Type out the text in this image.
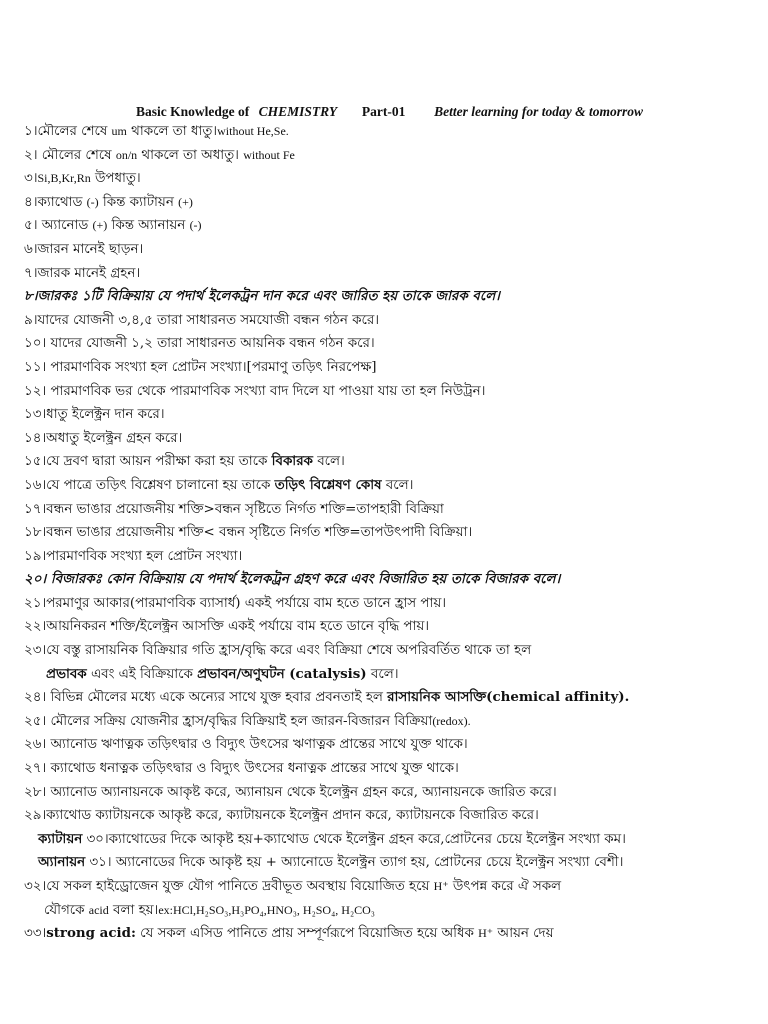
Basic Knowledge of CHEMISTRY Part-01 Better learning for today & tomorrow
১।মৌলের শেষে um থাকলে তা ধাতু।without He,Se.
২। মৌলের শেষে on/n থাকলে তা অধাতু। without Fe
৩।Si,B,Kr,Rn উপধাতু।
৪।ক্যাথোড (-) কিন্ত ক্যাটায়ন (+)
৫। অ্যানোড (+) কিন্ত অ্যানায়ন (-)
৬।জারন মানেই ছাড়ন।
৭।জারক মানেই গ্রহন।
৮।জারকঃ ১টি বিক্রিয়ায় যে পদার্থ ইলেকট্রন দান করে এবং জারিত হয় তাকে জারক বলে।
৯।যাদের যোজনী ৩,৪,৫ তারা সাধারনত সমযোজী বন্ধন গঠন করে।
১০। যাদের যোজনী ১,২ তারা সাধারনত আয়নিক বন্ধন গঠন করে।
১১। পারমাণবিক সংখ্যা হল প্রোটন সংখ্যা।[পরমাণু তড়িৎ নিরপেক্ষ]
১২। পারমাণবিক ভর থেকে পারমাণবিক সংখ্যা বাদ দিলে যা পাওয়া যায় তা হল নিউট্রন।
১৩।ধাতু ইলেক্ট্রন দান করে।
১৪।অধাতু ইলেক্ট্রন গ্রহন করে।
১৫।যে দ্রবণ দ্বারা আয়ন পরীক্ষা করা হয় তাকে বিকারক বলে।
১৬।যে পাত্রে তড়িৎ বিশ্লেষণ চালানো হয় তাকে তড়িৎ বিশ্লেষণ কোষ বলে।
১৭।বন্ধন ভাঙার প্রয়োজনীয় শক্তি>বন্ধন সৃষ্টিতে নির্গত শক্তি=তাপহারী বিক্রিয়া
১৮।বন্ধন ভাঙার প্রয়োজনীয় শক্তি< বন্ধন সৃষ্টিতে নির্গত শক্তি=তাপউৎপাদী বিক্রিয়া।
১৯।পারমাণবিক সংখ্যা হল প্রোটন সংখ্যা।
২০। বিজারকঃ কোন বিক্রিয়ায় যে পদার্থ ইলেকট্রন গ্রহণ করে এবং বিজারিত হয় তাকে বিজারক বলে।
২১।পরমাণুর আকার(পারমাণবিক ব্যাসার্ধ) একই পর্যায়ে বাম হতে ডানে হ্রাস পায়।
২২।আয়নিকরন শক্তি/ইলেক্ট্রন আসক্তি একই পর্যায়ে বাম হতে ডানে বৃদ্ধি পায়।
২৩।যে বস্তু রাসায়নিক বিক্রিয়ার গতি হ্রাস/বৃদ্ধি করে এবং বিক্রিয়া শেষে অপরিবর্তিত থাকে তা হল
প্রভাবক এবং এই বিক্রিয়াকে প্রভাবন/অণুঘটন (catalysis) বলে।
২৪। বিভিন্ন মৌলের মধ্যে একে অন্যের সাথে যুক্ত হবার প্রবনতাই হল রাসায়নিক আসক্তি(chemical affinity).
২৫। মৌলের সক্রিয় যোজনীর হ্রাস/বৃদ্ধির বিক্রিয়াই হল জারন-বিজারন বিক্রিয়া(redox).
২৬। অ্যানোড ঋণাত্নক তড়িৎদ্বার ও বিদ্যুৎ উৎসের ঋণাত্নক প্রান্তের সাথে যুক্ত থাকে।
২৭। ক্যাথোড ধনাত্নক তড়িৎদ্বার ও বিদ্যুৎ উৎসের ধনাত্নক প্রান্তের সাথে যুক্ত থাকে।
২৮। অ্যানোড অ্যানায়নকে আকৃষ্ট করে, অ্যানায়ন থেকে ইলেক্ট্রন গ্রহন করে, অ্যানায়নকে জারিত করে।
২৯।ক্যাথোড ক্যাটায়নকে আকৃষ্ট করে, ক্যাটায়নকে ইলেক্ট্রন প্রদান করে, ক্যাটায়নকে বিজারিত করে।
ক্যাটায়ন ৩০।ক্যাথোডের দিকে আকৃষ্ট হয়+ক্যাথোড থেকে ইলেক্ট্রন গ্রহন করে,প্রোটনের চেয়ে ইলেক্ট্রন সংখ্যা কম।
অ্যানায়ন ৩১। অ্যানোডের দিকে আকৃষ্ট হয় + অ্যানোডে ইলেক্ট্রন ত্যাগ হয়, প্রোটনের চেয়ে ইলেক্ট্রন সংখ্যা বেশী।
৩২।যে সকল হাইড্রোজেন যুক্ত যৌগ পানিতে দ্রবীভূত অবস্থায় বিয়োজিত হয়ে H⁺ উৎপন্ন করে ঐ সকল
যৌগকে acid বলা হয়।ex:HCl,H₂SO₃,H₃PO₄,HNO₃, H₂SO₄, H₂CO₃
৩৩।strong acid: যে সকল এসিড পানিতে প্রায় সম্পূর্ণরূপে বিয়োজিত হয়ে অধিক H⁺ আয়ন দেয়
